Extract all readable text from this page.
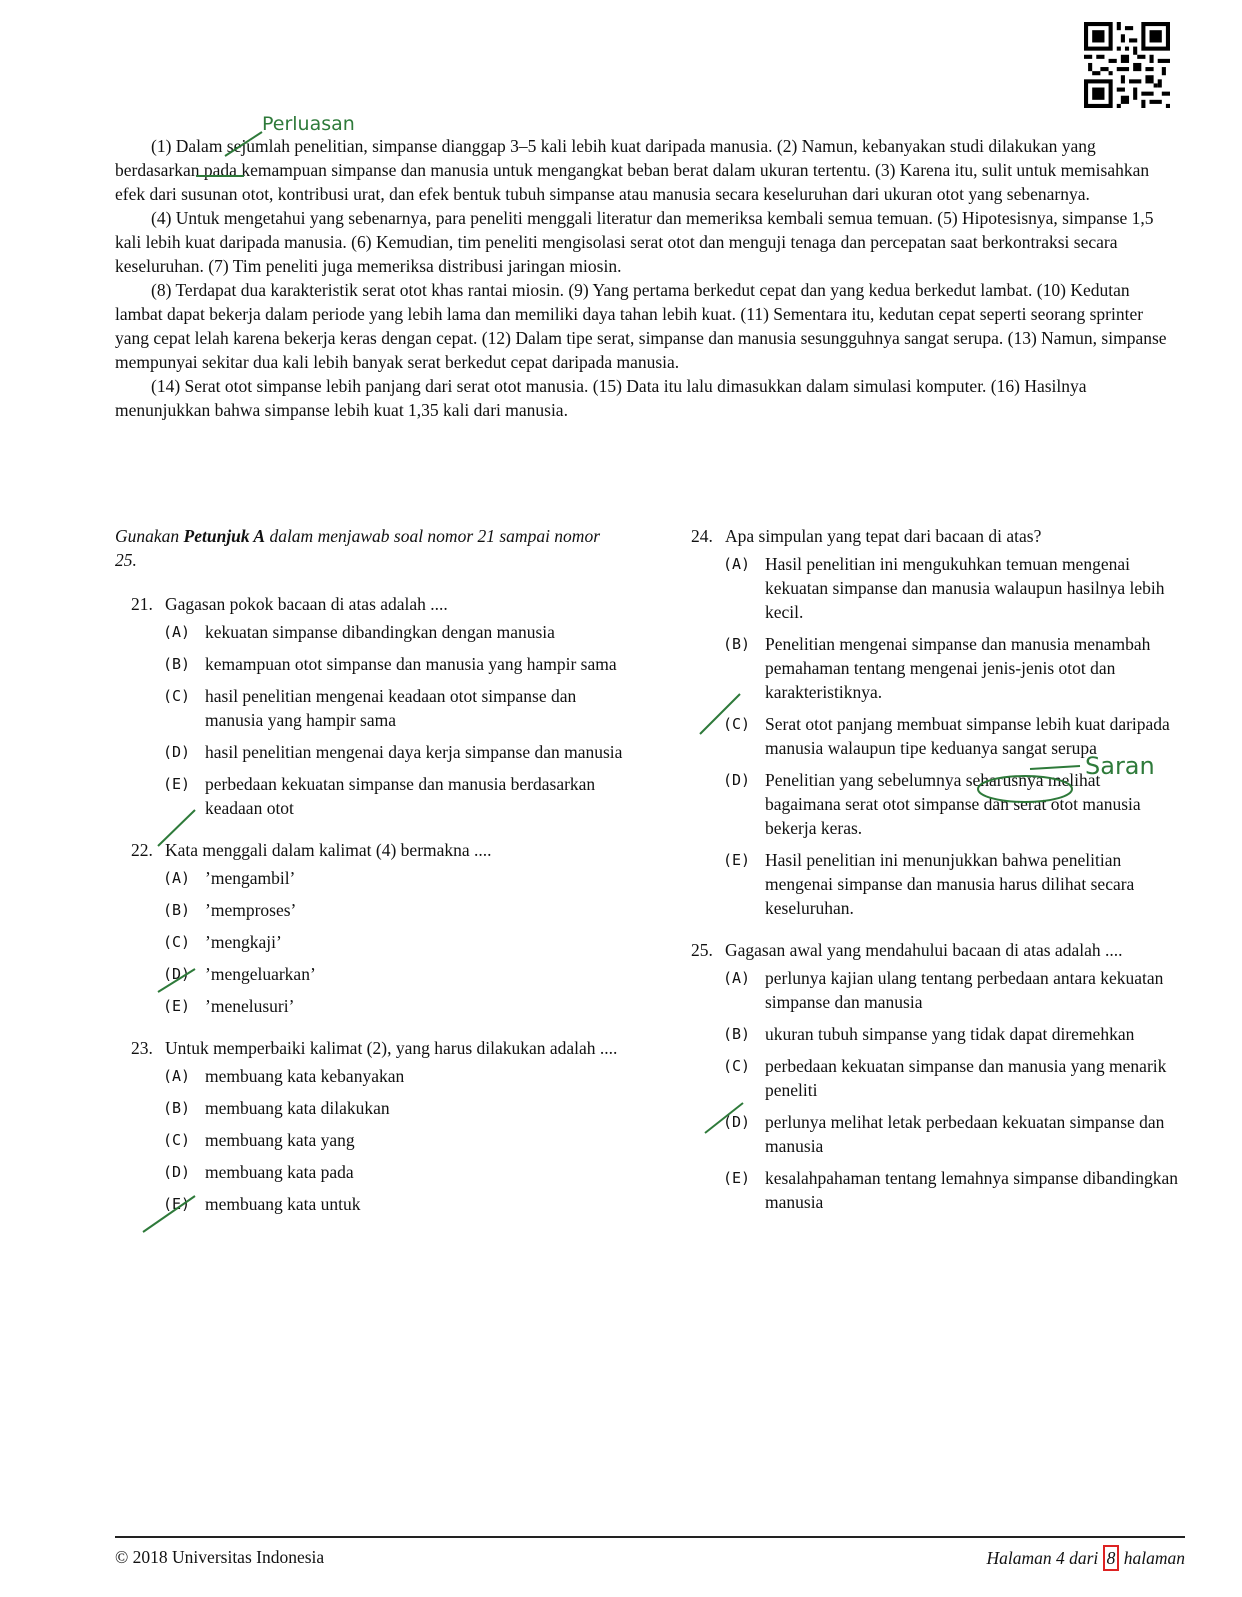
(1) Dalam sejumlah penelitian, simpanse dianggap 3–5 kali lebih kuat daripada manusia. (2) Namun, kebanyakan studi dilakukan yang berdasarkan pada kemampuan simpanse dan manusia untuk mengangkat beban berat dalam ukuran tertentu. (3) Karena itu, sulit untuk memisahkan efek dari susunan otot, kontribusi urat, dan efek bentuk tubuh simpanse atau manusia secara keseluruhan dari ukuran otot yang sebenarnya.

(4) Untuk mengetahui yang sebenarnya, para peneliti menggali literatur dan memeriksa kembali semua temuan. (5) Hipotesisnya, simpanse 1,5 kali lebih kuat daripada manusia. (6) Kemudian, tim peneliti mengisolasi serat otot dan menguji tenaga dan percepatan saat berkontraksi secara keseluruhan. (7) Tim peneliti juga memeriksa distribusi jaringan miosin.

(8) Terdapat dua karakteristik serat otot khas rantai miosin. (9) Yang pertama berkedut cepat dan yang kedua berkedut lambat. (10) Kedutan lambat dapat bekerja dalam periode yang lebih lama dan memiliki daya tahan lebih kuat. (11) Sementara itu, kedutan cepat seperti seorang sprinter yang cepat lelah karena bekerja keras dengan cepat. (12) Dalam tipe serat, simpanse dan manusia sesungguhnya sangat serupa. (13) Namun, simpanse mempunyai sekitar dua kali lebih banyak serat berkedut cepat daripada manusia.

(14) Serat otot simpanse lebih panjang dari serat otot manusia. (15) Data itu lalu dimasukkan dalam simulasi komputer. (16) Hasilnya menunjukkan bahwa simpanse lebih kuat 1,35 kali dari manusia.

Gunakan Petunjuk A dalam menjawab soal nomor 21 sampai nomor 25.

21. Gagasan pokok bacaan di atas adalah ....
(A) kekuatan simpanse dibandingkan dengan manusia
(B) kemampuan otot simpanse dan manusia yang hampir sama
(C) hasil penelitian mengenai keadaan otot simpanse dan manusia yang hampir sama
(D) hasil penelitian mengenai daya kerja simpanse dan manusia
(E) perbedaan kekuatan simpanse dan manusia berdasarkan keadaan otot
22. Kata menggali dalam kalimat (4) bermakna ....
(A) ’mengambil’
(B) ’memproses’
(C) ’mengkaji’
(D) ’mengeluarkan’
(E) ’menelusuri’
23. Untuk memperbaiki kalimat (2), yang harus dilakukan adalah ....
(A) membuang kata kebanyakan
(B) membuang kata dilakukan
(C) membuang kata yang
(D) membuang kata pada
(E) membuang kata untuk
24. Apa simpulan yang tepat dari bacaan di atas?
(A) Hasil penelitian ini mengukuhkan temuan mengenai kekuatan simpanse dan manusia walaupun hasilnya lebih kecil.
(B) Penelitian mengenai simpanse dan manusia menambah pemahaman tentang mengenai jenis-jenis otot dan karakteristiknya.
(C) Serat otot panjang membuat simpanse lebih kuat daripada manusia walaupun tipe keduanya sangat serupa
(D) Penelitian yang sebelumnya seharusnya melihat bagaimana serat otot simpanse dan serat otot manusia bekerja keras.
(E) Hasil penelitian ini menunjukkan bahwa penelitian mengenai simpanse dan manusia harus dilihat secara keseluruhan.
25. Gagasan awal yang mendahului bacaan di atas adalah ....
(A) perlunya kajian ulang tentang perbedaan antara kekuatan simpanse dan manusia
(B) ukuran tubuh simpanse yang tidak dapat diremehkan
(C) perbedaan kekuatan simpanse dan manusia yang menarik peneliti
(D) perlunya melihat letak perbedaan kekuatan simpanse dan manusia
(E) kesalahpahaman tentang lemahnya simpanse dibandingkan manusia
Perluasan
Saran
© 2018 Universitas Indonesia	Halaman 4 dari 8 halaman
